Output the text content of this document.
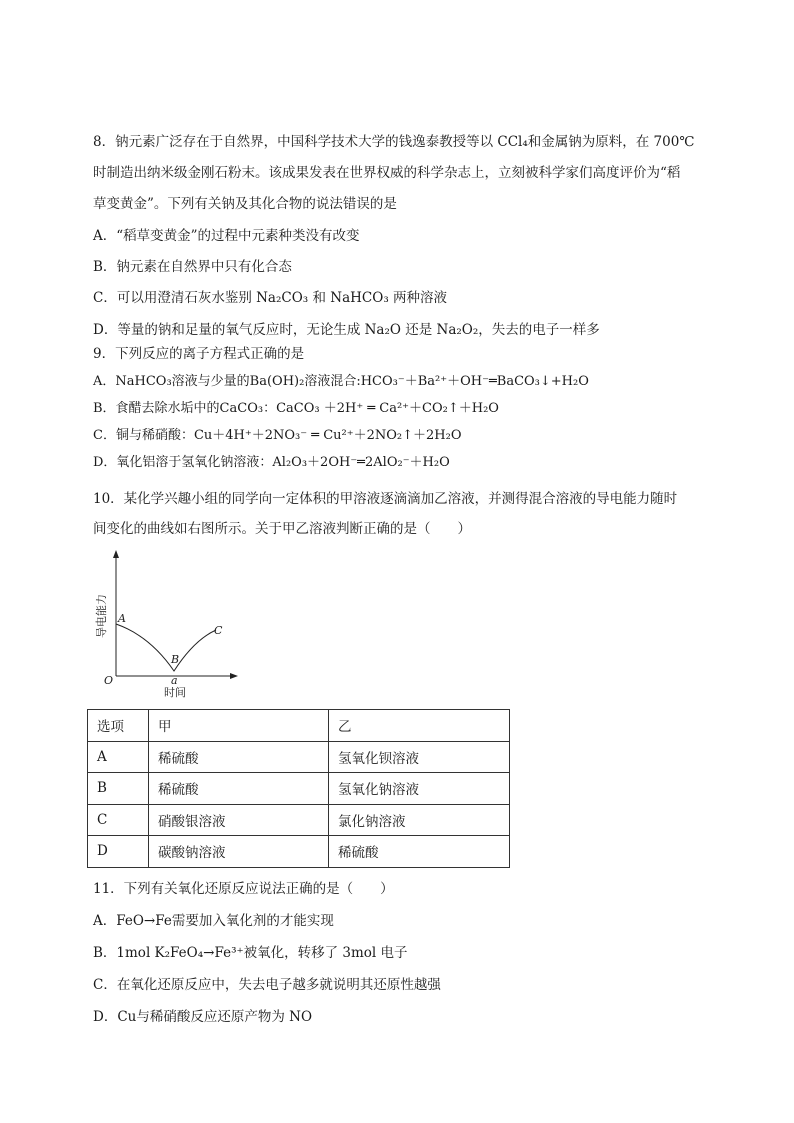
8．钠元素广泛存在于自然界，中国科学技术大学的钱逸泰教授等以 CCl₄和金属钠为原料，在 700℃
时制造出纳米级金刚石粉末。该成果发表在世界权威的科学杂志上，立刻被科学家们高度评价为“稻
草变黄金”。下列有关钠及其化合物的说法错误的是
A．“稻草变黄金”的过程中元素种类没有改变
B．钠元素在自然界中只有化合态
C．可以用澄清石灰水鉴别 Na₂CO₃ 和 NaHCO₃ 两种溶液
D．等量的钠和足量的氧气反应时，无论生成 Na₂O 还是 Na₂O₂，失去的电子一样多
9．下列反应的离子方程式正确的是
A．NaHCO₃溶液与少量的Ba(OH)₂溶液混合:HCO₃⁻＋Ba²⁺＋OH⁻═BaCO₃↓+H₂O
B．食醋去除水垢中的CaCO₃：CaCO₃ ＋2H⁺ ═ Ca²⁺＋CO₂↑＋H₂O
C．铜与稀硝酸：Cu＋4H⁺＋2NO₃⁻ ═ Cu²⁺＋2NO₂↑＋2H₂O
D．氧化铝溶于氢氧化钠溶液：Al₂O₃＋2OH⁻═2AlO₂⁻＋H₂O
10．某化学兴趣小组的同学向一定体积的甲溶液逐滴滴加乙溶液，并测得混合溶液的导电能力随时
间变化的曲线如右图所示。关于甲乙溶液判断正确的是（　　）
导电能力 A
B
C
O	a
时间
选项	甲	乙
A	稀硫酸	氢氧化钡溶液
B	稀硫酸	氢氧化钠溶液
C	硝酸银溶液	氯化钠溶液
D	碳酸钠溶液	稀硫酸
11．下列有关氧化还原反应说法正确的是（　　）
A．FeO→Fe需要加入氧化剂的才能实现
B．1mol K₂FeO₄→Fe³⁺被氧化，转移了 3mol 电子
C．在氧化还原反应中，失去电子越多就说明其还原性越强
D．Cu与稀硝酸反应还原产物为 NO
